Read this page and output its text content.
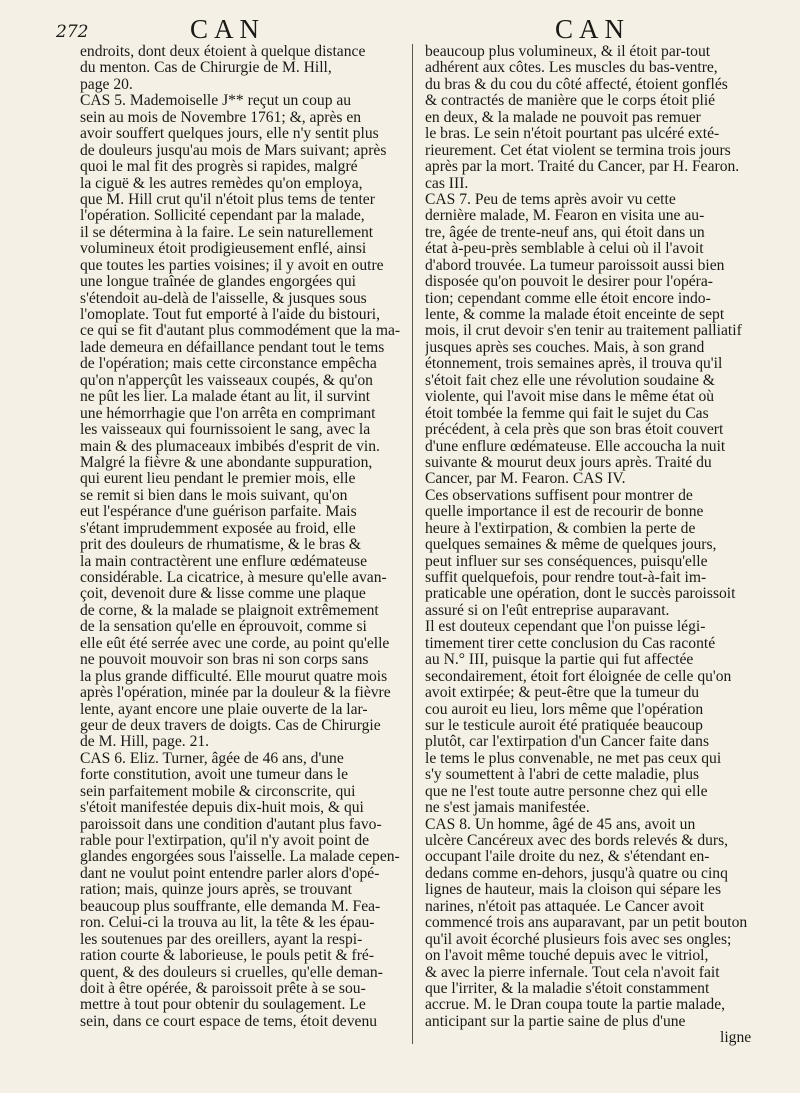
272	CAN	CAN
endroits, dont deux étoient à quelque distance
du menton. Cas de Chirurgie de M. Hill,
page 20.
CAS 5. Mademoiselle J** reçut un coup au
sein au mois de Novembre 1761; &, après en
avoir souffert quelques jours, elle n'y sentit plus
de douleurs jusqu'au mois de Mars suivant; après
quoi le mal fit des progrès si rapides, malgré
la ciguë & les autres remèdes qu'on employa,
que M. Hill crut qu'il n'étoit plus tems de tenter
l'opération. Sollicité cependant par la malade,
il se détermina à la faire. Le sein naturellement
volumineux étoit prodigieusement enflé, ainsi
que toutes les parties voisines; il y avoit en outre
une longue traînée de glandes engorgées qui
s'étendoit au-delà de l'aisselle, & jusques sous
l'omoplate. Tout fut emporté à l'aide du bistouri,
ce qui se fit d'autant plus commodément que la ma-
lade demeura en défaillance pendant tout le tems
de l'opération; mais cette circonstance empêcha
qu'on n'apperçût les vaisseaux coupés, & qu'on
ne pût les lier. La malade étant au lit, il survint
une hémorrhagie que l'on arrêta en comprimant
les vaisseaux qui fournissoient le sang, avec la
main & des plumaceaux imbibés d'esprit de vin.
Malgré la fièvre & une abondante suppuration,
qui eurent lieu pendant le premier mois, elle
se remit si bien dans le mois suivant, qu'on
eut l'espérance d'une guérison parfaite. Mais
s'étant imprudemment exposée au froid, elle
prit des douleurs de rhumatisme, & le bras &
la main contractèrent une enflure œdémateuse
considérable. La cicatrice, à mesure qu'elle avan-
çoit, devenoit dure & lisse comme une plaque
de corne, & la malade se plaignoit extrêmement
de la sensation qu'elle en éprouvoit, comme si
elle eût été serrée avec une corde, au point qu'elle
ne pouvoit mouvoir son bras ni son corps sans
la plus grande difficulté. Elle mourut quatre mois
après l'opération, minée par la douleur & la fièvre
lente, ayant encore une plaie ouverte de la lar-
geur de deux travers de doigts. Cas de Chirurgie
de M. Hill, page. 21.
CAS 6. Eliz. Turner, âgée de 46 ans, d'une
forte constitution, avoit une tumeur dans le
sein parfaitement mobile & circonscrite, qui
s'étoit manifestée depuis dix-huit mois, & qui
paroissoit dans une condition d'autant plus favo-
rable pour l'extirpation, qu'il n'y avoit point de
glandes engorgées sous l'aisselle. La malade cepen-
dant ne voulut point entendre parler alors d'opé-
ration; mais, quinze jours après, se trouvant
beaucoup plus souffrante, elle demanda M. Fea-
ron. Celui-ci la trouva au lit, la tête & les épau-
les soutenues par des oreillers, ayant la respi-
ration courte & laborieuse, le pouls petit & fré-
quent, & des douleurs si cruelles, qu'elle deman-
doit à être opérée, & paroissoit prête à se sou-
mettre à tout pour obtenir du soulagement. Le
sein, dans ce court espace de tems, étoit devenu
beaucoup plus volumineux, & il étoit par-tout
adhérent aux côtes. Les muscles du bas-ventre,
du bras & du cou du côté affecté, étoient gonflés
& contractés de manière que le corps étoit plié
en deux, & la malade ne pouvoit pas remuer
le bras. Le sein n'étoit pourtant pas ulcéré exté-
rieurement. Cet état violent se termina trois jours
après par la mort. Traité du Cancer, par H. Fearon.
cas III.
CAS 7. Peu de tems après avoir vu cette
dernière malade, M. Fearon en visita une au-
tre, âgée de trente-neuf ans, qui étoit dans un
état à-peu-près semblable à celui où il l'avoit
d'abord trouvée. La tumeur paroissoit aussi bien
disposée qu'on pouvoit le desirer pour l'opéra-
tion; cependant comme elle étoit encore indo-
lente, & comme la malade étoit enceinte de sept
mois, il crut devoir s'en tenir au traitement palliatif
jusques après ses couches. Mais, à son grand
étonnement, trois semaines après, il trouva qu'il
s'étoit fait chez elle une révolution soudaine &
violente, qui l'avoit mise dans le même état où
étoit tombée la femme qui fait le sujet du Cas
précédent, à cela près que son bras étoit couvert
d'une enflure œdémateuse. Elle accoucha la nuit
suivante & mourut deux jours après. Traité du
Cancer, par M. Fearon. CAS IV.
Ces observations suffisent pour montrer de
quelle importance il est de recourir de bonne
heure à l'extirpation, & combien la perte de
quelques semaines & même de quelques jours,
peut influer sur ses conséquences, puisqu'elle
suffit quelquefois, pour rendre tout-à-fait im-
praticable une opération, dont le succès paroissoit
assuré si on l'eût entreprise auparavant.
Il est douteux cependant que l'on puisse légi-
timement tirer cette conclusion du Cas raconté
au N.° III, puisque la partie qui fut affectée
secondairement, étoit fort éloignée de celle qu'on
avoit extirpée; & peut-être que la tumeur du
cou auroit eu lieu, lors même que l'opération
sur le testicule auroit été pratiquée beaucoup
plutôt, car l'extirpation d'un Cancer faite dans
le tems le plus convenable, ne met pas ceux qui
s'y soumettent à l'abri de cette maladie, plus
que ne l'est toute autre personne chez qui elle
ne s'est jamais manifestée.
CAS 8. Un homme, âgé de 45 ans, avoit un
ulcère Cancéreux avec des bords relevés & durs,
occupant l'aile droite du nez, & s'étendant en-
dedans comme en-dehors, jusqu'à quatre ou cinq
lignes de hauteur, mais la cloison qui sépare les
narines, n'étoit pas attaquée. Le Cancer avoit
commencé trois ans auparavant, par un petit bouton
qu'il avoit écorché plusieurs fois avec ses ongles;
on l'avoit même touché depuis avec le vitriol,
& avec la pierre infernale. Tout cela n'avoit fait
que l'irriter, & la maladie s'étoit constamment
accrue. M. le Dran coupa toute la partie malade,
anticipant sur la partie saine de plus d'une
ligne
